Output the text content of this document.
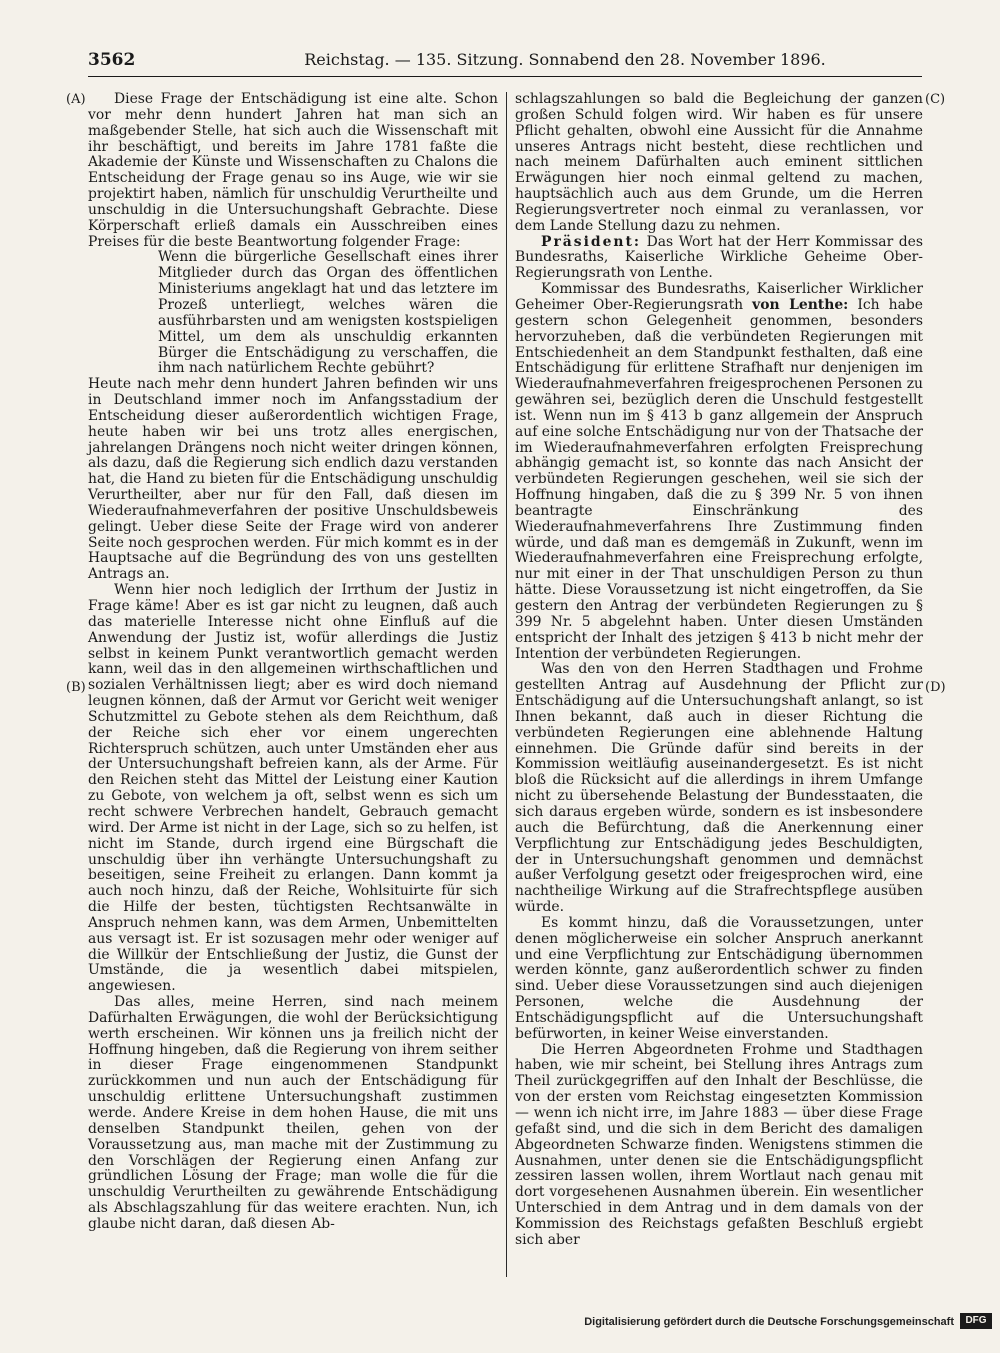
3562	Reichstag. — 135. Sitzung. Sonnabend den 28. November 1896.
(A)
(B)
(C)
(D)

Diese Frage der Entschädigung ist eine alte. Schon vor mehr denn hundert Jahren hat man sich an maßgebender Stelle, hat sich auch die Wissenschaft mit ihr beschäftigt, und bereits im Jahre 1781 faßte die Akademie der Künste und Wissenschaften zu Chalons die Entscheidung der Frage genau so ins Auge, wie wir sie projektirt haben, nämlich für unschuldig Verurtheilte und unschuldig in die Untersuchungshaft Gebrachte. Diese Körperschaft erließ damals ein Ausschreiben eines Preises für die beste Beantwortung folgender Frage:

Wenn die bürgerliche Gesellschaft eines ihrer Mitglieder durch das Organ des öffentlichen Ministeriums angeklagt hat und das letztere im Prozeß unterliegt, welches wären die ausführbarsten und am wenigsten kostspieligen Mittel, um dem als unschuldig erkannten Bürger die Entschädigung zu verschaffen, die ihm nach natürlichem Rechte gebührt?

Heute nach mehr denn hundert Jahren befinden wir uns in Deutschland immer noch im Anfangsstadium der Entscheidung dieser außerordentlich wichtigen Frage, heute haben wir bei uns trotz alles energischen, jahrelangen Drängens noch nicht weiter dringen können, als dazu, daß die Regierung sich endlich dazu verstanden hat, die Hand zu bieten für die Entschädigung unschuldig Verurtheilter, aber nur für den Fall, daß diesen im Wiederaufnahmeverfahren der positive Unschuldsbeweis gelingt. Ueber diese Seite der Frage wird von anderer Seite noch gesprochen werden. Für mich kommt es in der Hauptsache auf die Begründung des von uns gestellten Antrags an.

Wenn hier noch lediglich der Irrthum der Justiz in Frage käme! Aber es ist gar nicht zu leugnen, daß auch das materielle Interesse nicht ohne Einfluß auf die Anwendung der Justiz ist, wofür allerdings die Justiz selbst in keinem Punkt verantwortlich gemacht werden kann, weil das in den allgemeinen wirthschaftlichen und sozialen Verhältnissen liegt; aber es wird doch niemand leugnen können, daß der Armut vor Gericht weit weniger Schutzmittel zu Gebote stehen als dem Reichthum, daß der Reiche sich eher vor einem ungerechten Richterspruch schützen, auch unter Umständen eher aus der Untersuchungshaft befreien kann, als der Arme. Für den Reichen steht das Mittel der Leistung einer Kaution zu Gebote, von welchem ja oft, selbst wenn es sich um recht schwere Verbrechen handelt, Gebrauch gemacht wird. Der Arme ist nicht in der Lage, sich so zu helfen, ist nicht im Stande, durch irgend eine Bürgschaft die unschuldig über ihn verhängte Untersuchungshaft zu beseitigen, seine Freiheit zu erlangen. Dann kommt ja auch noch hinzu, daß der Reiche, Wohlsituirte für sich die Hilfe der besten, tüchtigsten Rechtsanwälte in Anspruch nehmen kann, was dem Armen, Unbemittelten aus versagt ist. Er ist sozusagen mehr oder weniger auf die Willkür der Entschließung der Justiz, die Gunst der Umstände, die ja wesentlich dabei mitspielen, angewiesen.

Das alles, meine Herren, sind nach meinem Dafürhalten Erwägungen, die wohl der Berücksichtigung werth erscheinen. Wir können uns ja freilich nicht der Hoffnung hingeben, daß die Regierung von ihrem seither in dieser Frage eingenommenen Standpunkt zurückkommen und nun auch der Entschädigung für unschuldig erlittene Untersuchungshaft zustimmen werde. Andere Kreise in dem hohen Hause, die mit uns denselben Standpunkt theilen, gehen von der Voraussetzung aus, man mache mit der Zustimmung zu den Vorschlägen der Regierung einen Anfang zur gründlichen Lösung der Frage; man wolle die für die unschuldig Verurtheilten zu gewährende Entschädigung als Abschlagszahlung für das weitere erachten. Nun, ich glaube nicht daran, daß diesen Ab-

schlagszahlungen so bald die Begleichung der ganzen großen Schuld folgen wird. Wir haben es für unsere Pflicht gehalten, obwohl eine Aussicht für die Annahme unseres Antrags nicht besteht, diese rechtlichen und nach meinem Dafürhalten auch eminent sittlichen Erwägungen hier noch einmal geltend zu machen, hauptsächlich auch aus dem Grunde, um die Herren Regierungsvertreter noch einmal zu veranlassen, vor dem Lande Stellung dazu zu nehmen.

Präsident: Das Wort hat der Herr Kommissar des Bundesraths, Kaiserliche Wirkliche Geheime Ober-Regierungsrath von Lenthe.

Kommissar des Bundesraths, Kaiserlicher Wirklicher Geheimer Ober-Regierungsrath von Lenthe: Ich habe gestern schon Gelegenheit genommen, besonders hervorzuheben, daß die verbündeten Regierungen mit Entschiedenheit an dem Standpunkt festhalten, daß eine Entschädigung für erlittene Strafhaft nur denjenigen im Wiederaufnahmeverfahren freigesprochenen Personen zu gewähren sei, bezüglich deren die Unschuld festgestellt ist. Wenn nun im § 413 b ganz allgemein der Anspruch auf eine solche Entschädigung nur von der Thatsache der im Wiederaufnahmeverfahren erfolgten Freisprechung abhängig gemacht ist, so konnte das nach Ansicht der verbündeten Regierungen geschehen, weil sie sich der Hoffnung hingaben, daß die zu § 399 Nr. 5 von ihnen beantragte Einschränkung des Wiederaufnahmeverfahrens Ihre Zustimmung finden würde, und daß man es demgemäß in Zukunft, wenn im Wiederaufnahmeverfahren eine Freisprechung erfolgte, nur mit einer in der That unschuldigen Person zu thun hätte. Diese Voraussetzung ist nicht eingetroffen, da Sie gestern den Antrag der verbündeten Regierungen zu § 399 Nr. 5 abgelehnt haben. Unter diesen Umständen entspricht der Inhalt des jetzigen § 413 b nicht mehr der Intention der verbündeten Regierungen.

Was den von den Herren Stadthagen und Frohme gestellten Antrag auf Ausdehnung der Pflicht zur Entschädigung auf die Untersuchungshaft anlangt, so ist Ihnen bekannt, daß auch in dieser Richtung die verbündeten Regierungen eine ablehnende Haltung einnehmen. Die Gründe dafür sind bereits in der Kommission weitläufig auseinandergesetzt. Es ist nicht bloß die Rücksicht auf die allerdings in ihrem Umfange nicht zu übersehende Belastung der Bundesstaaten, die sich daraus ergeben würde, sondern es ist insbesondere auch die Befürchtung, daß die Anerkennung einer Verpflichtung zur Entschädigung jedes Beschuldigten, der in Untersuchungshaft genommen und demnächst außer Verfolgung gesetzt oder freigesprochen wird, eine nachtheilige Wirkung auf die Strafrechtspflege ausüben würde.

Es kommt hinzu, daß die Voraussetzungen, unter denen möglicherweise ein solcher Anspruch anerkannt und eine Verpflichtung zur Entschädigung übernommen werden könnte, ganz außerordentlich schwer zu finden sind. Ueber diese Voraussetzungen sind auch diejenigen Personen, welche die Ausdehnung der Entschädigungspflicht auf die Untersuchungshaft befürworten, in keiner Weise einverstanden.

Die Herren Abgeordneten Frohme und Stadthagen haben, wie mir scheint, bei Stellung ihres Antrags zum Theil zurückgegriffen auf den Inhalt der Beschlüsse, die von der ersten vom Reichstag eingesetzten Kommission — wenn ich nicht irre, im Jahre 1883 — über diese Frage gefaßt sind, und die sich in dem Bericht des damaligen Abgeordneten Schwarze finden. Wenigstens stimmen die Ausnahmen, unter denen sie die Entschädigungspflicht zessiren lassen wollen, ihrem Wortlaut nach genau mit dort vorgesehenen Ausnahmen überein. Ein wesentlicher Unterschied in dem Antrag und in dem damals von der Kommission des Reichstags gefaßten Beschluß ergiebt sich aber

Digitalisierung gefördert durch die Deutsche Forschungsgemeinschaft	DFG
